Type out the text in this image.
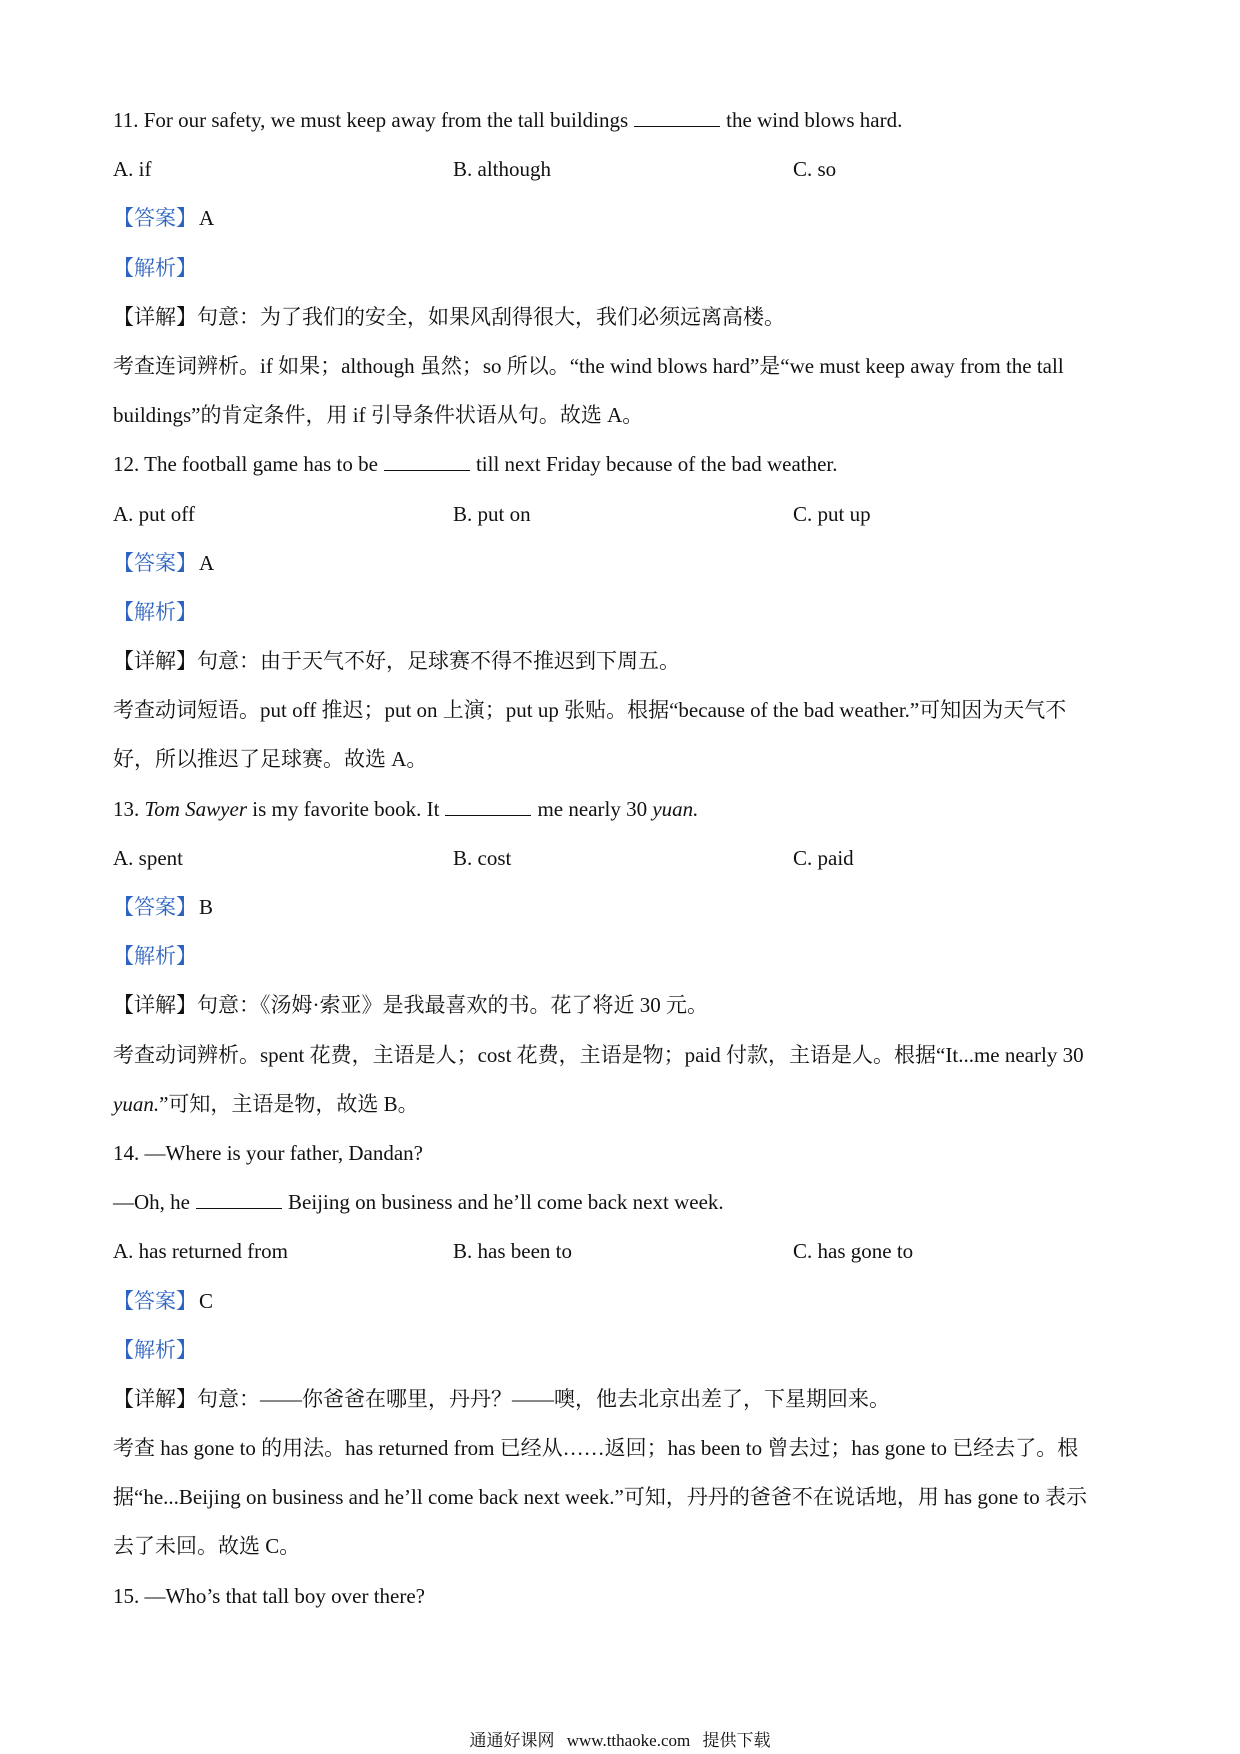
11. For our safety, we must keep away from the tall buildings	the wind blows hard.
A. if	B. although	C. so
【答案】A
【解析】
【详解】句意：为了我们的安全，如果风刮得很大，我们必须远离高楼。
考查连词辨析。if 如果；although 虽然；so 所以。“the wind blows hard”是“we must keep away from the tall
buildings”的肯定条件，用 if 引导条件状语从句。故选 A。
12. The football game has to be	till next Friday because of the bad weather.
A. put off	B. put on	C. put up
【答案】A
【解析】
【详解】句意：由于天气不好，足球赛不得不推迟到下周五。
考查动词短语。put off 推迟；put on 上演；put up 张贴。根据“because of the bad weather.”可知因为天气不
好，所以推迟了足球赛。故选 A。
13. Tom Sawyer is my favorite book. It	me nearly 30 yuan.
A. spent	B. cost	C. paid
【答案】B
【解析】
【详解】句意：《汤姆·索亚》是我最喜欢的书。花了将近 30 元。
考查动词辨析。spent 花费，主语是人；cost 花费，主语是物；paid 付款，主语是人。根据“It...me nearly 30
yuan.”可知，主语是物，故选 B。
14. —Where is your father, Dandan?
—Oh, he	Beijing on business and he’ll come back next week.
A. has returned from	B. has been to	C. has gone to
【答案】C
【解析】
【详解】句意：——你爸爸在哪里，丹丹？——噢，他去北京出差了，下星期回来。
考查 has gone to 的用法。has returned from 已经从……返回；has been to 曾去过；has gone to 已经去了。根
据“he...Beijing on business and he’ll come back next week.”可知，丹丹的爸爸不在说话地，用 has gone to 表示
去了未回。故选 C。
15. —Who’s that tall boy over there?
通通好课网 www.tthaoke.com 提供下载
